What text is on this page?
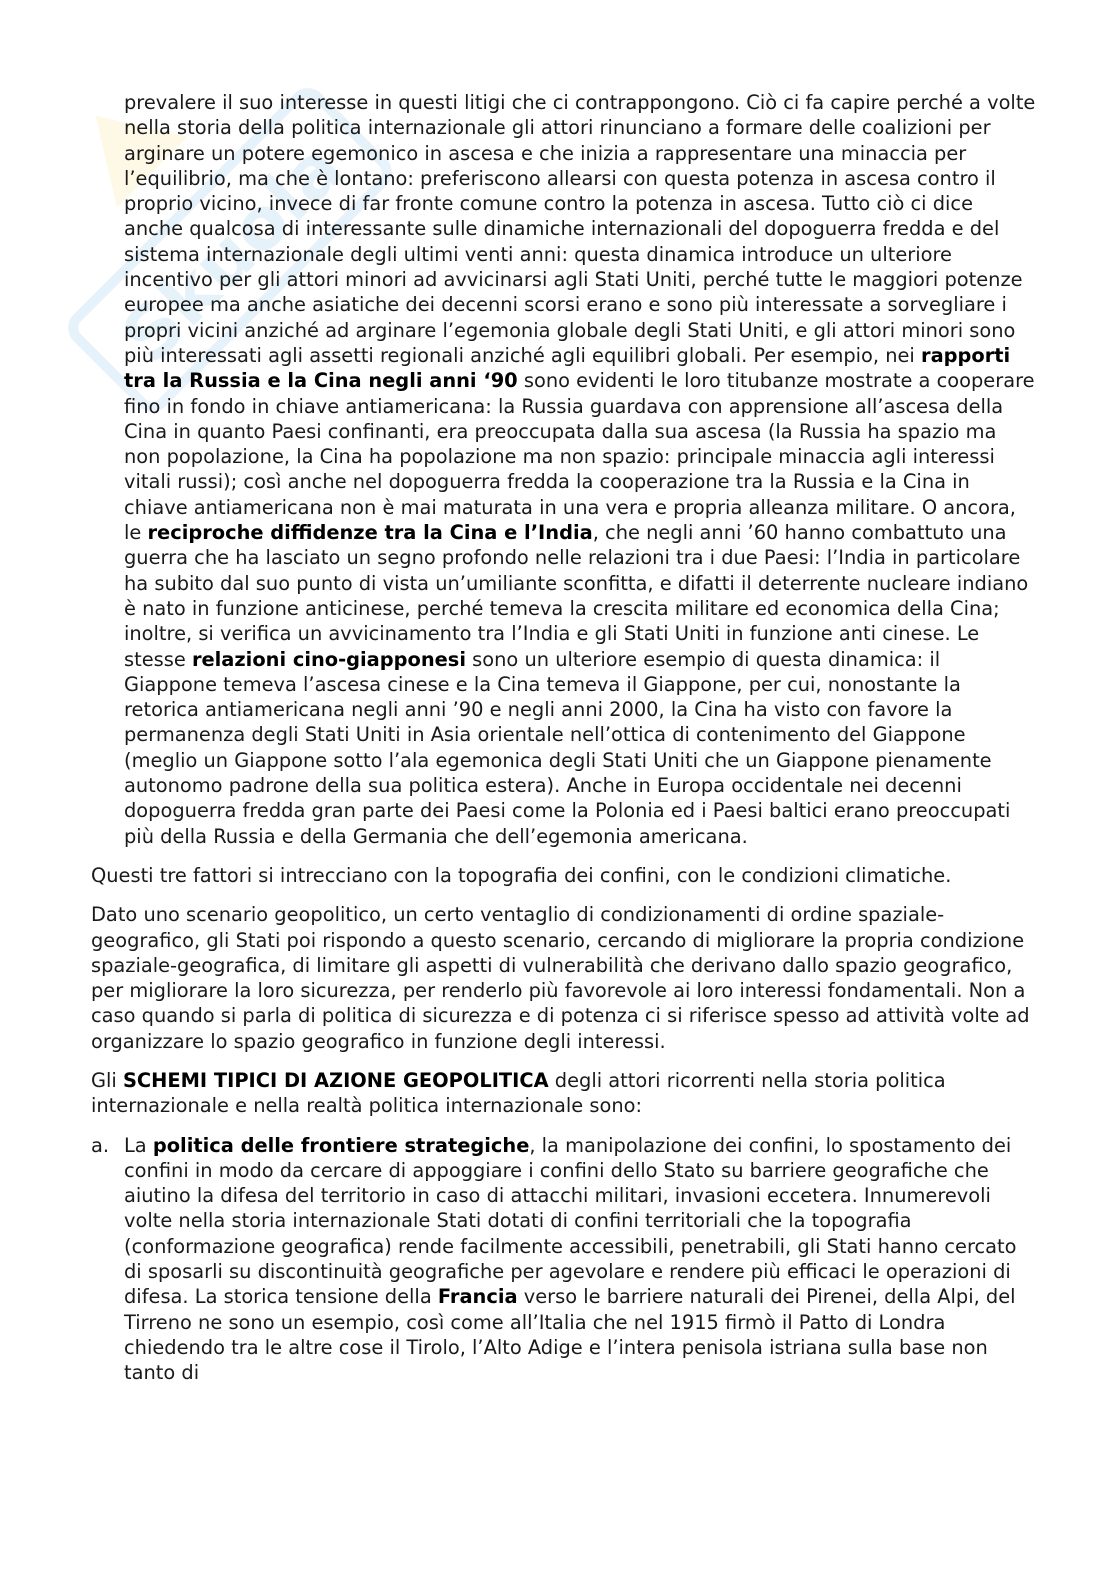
Skuola

prevalere il suo interesse in questi litigi che ci contrappongono. Ciò ci fa capire perché a volte nella storia della politica internazionale gli attori rinunciano a formare delle coalizioni per arginare un potere egemonico in ascesa e che inizia a rappresentare una minaccia per l’equilibrio, ma che è lontano: preferiscono allearsi con questa potenza in ascesa contro il proprio vicino, invece di far fronte comune contro la potenza in ascesa. Tutto ciò ci dice anche qualcosa di interessante sulle dinamiche internazionali del dopoguerra fredda e del sistema internazionale degli ultimi venti anni: questa dinamica introduce un ulteriore incentivo per gli attori minori ad avvicinarsi agli Stati Uniti, perché tutte le maggiori potenze europee ma anche asiatiche dei decenni scorsi erano e sono più interessate a sorvegliare i propri vicini anziché ad arginare l’egemonia globale degli Stati Uniti, e gli attori minori sono più interessati agli assetti regionali anziché agli equilibri globali. Per esempio, nei rapporti tra la Russia e la Cina negli anni ‘90 sono evidenti le loro titubanze mostrate a cooperare fino in fondo in chiave antiamericana: la Russia guardava con apprensione all’ascesa della Cina in quanto Paesi confinanti, era preoccupata dalla sua ascesa (la Russia ha spazio ma non popolazione, la Cina ha popolazione ma non spazio: principale minaccia agli interessi vitali russi); così anche nel dopoguerra fredda la cooperazione tra la Russia e la Cina in chiave antiamericana non è mai maturata in una vera e propria alleanza militare. O ancora, le reciproche diffidenze tra la Cina e l’India, che negli anni ’60 hanno combattuto una guerra che ha lasciato un segno profondo nelle relazioni tra i due Paesi: l’India in particolare ha subito dal suo punto di vista un’umiliante sconfitta, e difatti il deterrente nucleare indiano è nato in funzione anticinese, perché temeva la crescita militare ed economica della Cina; inoltre, si verifica un avvicinamento tra l’India e gli Stati Uniti in funzione anti cinese. Le stesse relazioni cino-giapponesi sono un ulteriore esempio di questa dinamica: il Giappone temeva l’ascesa cinese e la Cina temeva il Giappone, per cui, nonostante la retorica antiamericana negli anni ’90 e negli anni 2000, la Cina ha visto con favore la permanenza degli Stati Uniti in Asia orientale nell’ottica di contenimento del Giappone (meglio un Giappone sotto l’ala egemonica degli Stati Uniti che un Giappone pienamente autonomo padrone della sua politica estera). Anche in Europa occidentale nei decenni dopoguerra fredda gran parte dei Paesi come la Polonia ed i Paesi baltici erano preoccupati più della Russia e della Germania che dell’egemonia americana.

Questi tre fattori si intrecciano con la topografia dei confini, con le condizioni climatiche.

Dato uno scenario geopolitico, un certo ventaglio di condizionamenti di ordine spaziale-geografico, gli Stati poi rispondo a questo scenario, cercando di migliorare la propria condizione spaziale-geografica, di limitare gli aspetti di vulnerabilità che derivano dallo spazio geografico, per migliorare la loro sicurezza, per renderlo più favorevole ai loro interessi fondamentali. Non a caso quando si parla di politica di sicurezza e di potenza ci si riferisce spesso ad attività volte ad organizzare lo spazio geografico in funzione degli interessi.

Gli SCHEMI TIPICI DI AZIONE GEOPOLITICA degli attori ricorrenti nella storia politica internazionale e nella realtà politica internazionale sono:

a. La politica delle frontiere strategiche, la manipolazione dei confini, lo spostamento dei confini in modo da cercare di appoggiare i confini dello Stato su barriere geografiche che aiutino la difesa del territorio in caso di attacchi militari, invasioni eccetera. Innumerevoli volte nella storia internazionale Stati dotati di confini territoriali che la topografia (conformazione geografica) rende facilmente accessibili, penetrabili, gli Stati hanno cercato di sposarli su discontinuità geografiche per agevolare e rendere più efficaci le operazioni di difesa. La storica tensione della Francia verso le barriere naturali dei Pirenei, della Alpi, del Tirreno ne sono un esempio, così come all’Italia che nel 1915 firmò il Patto di Londra chiedendo tra le altre cose il Tirolo, l’Alto Adige e l’intera penisola istriana sulla base non tanto di
